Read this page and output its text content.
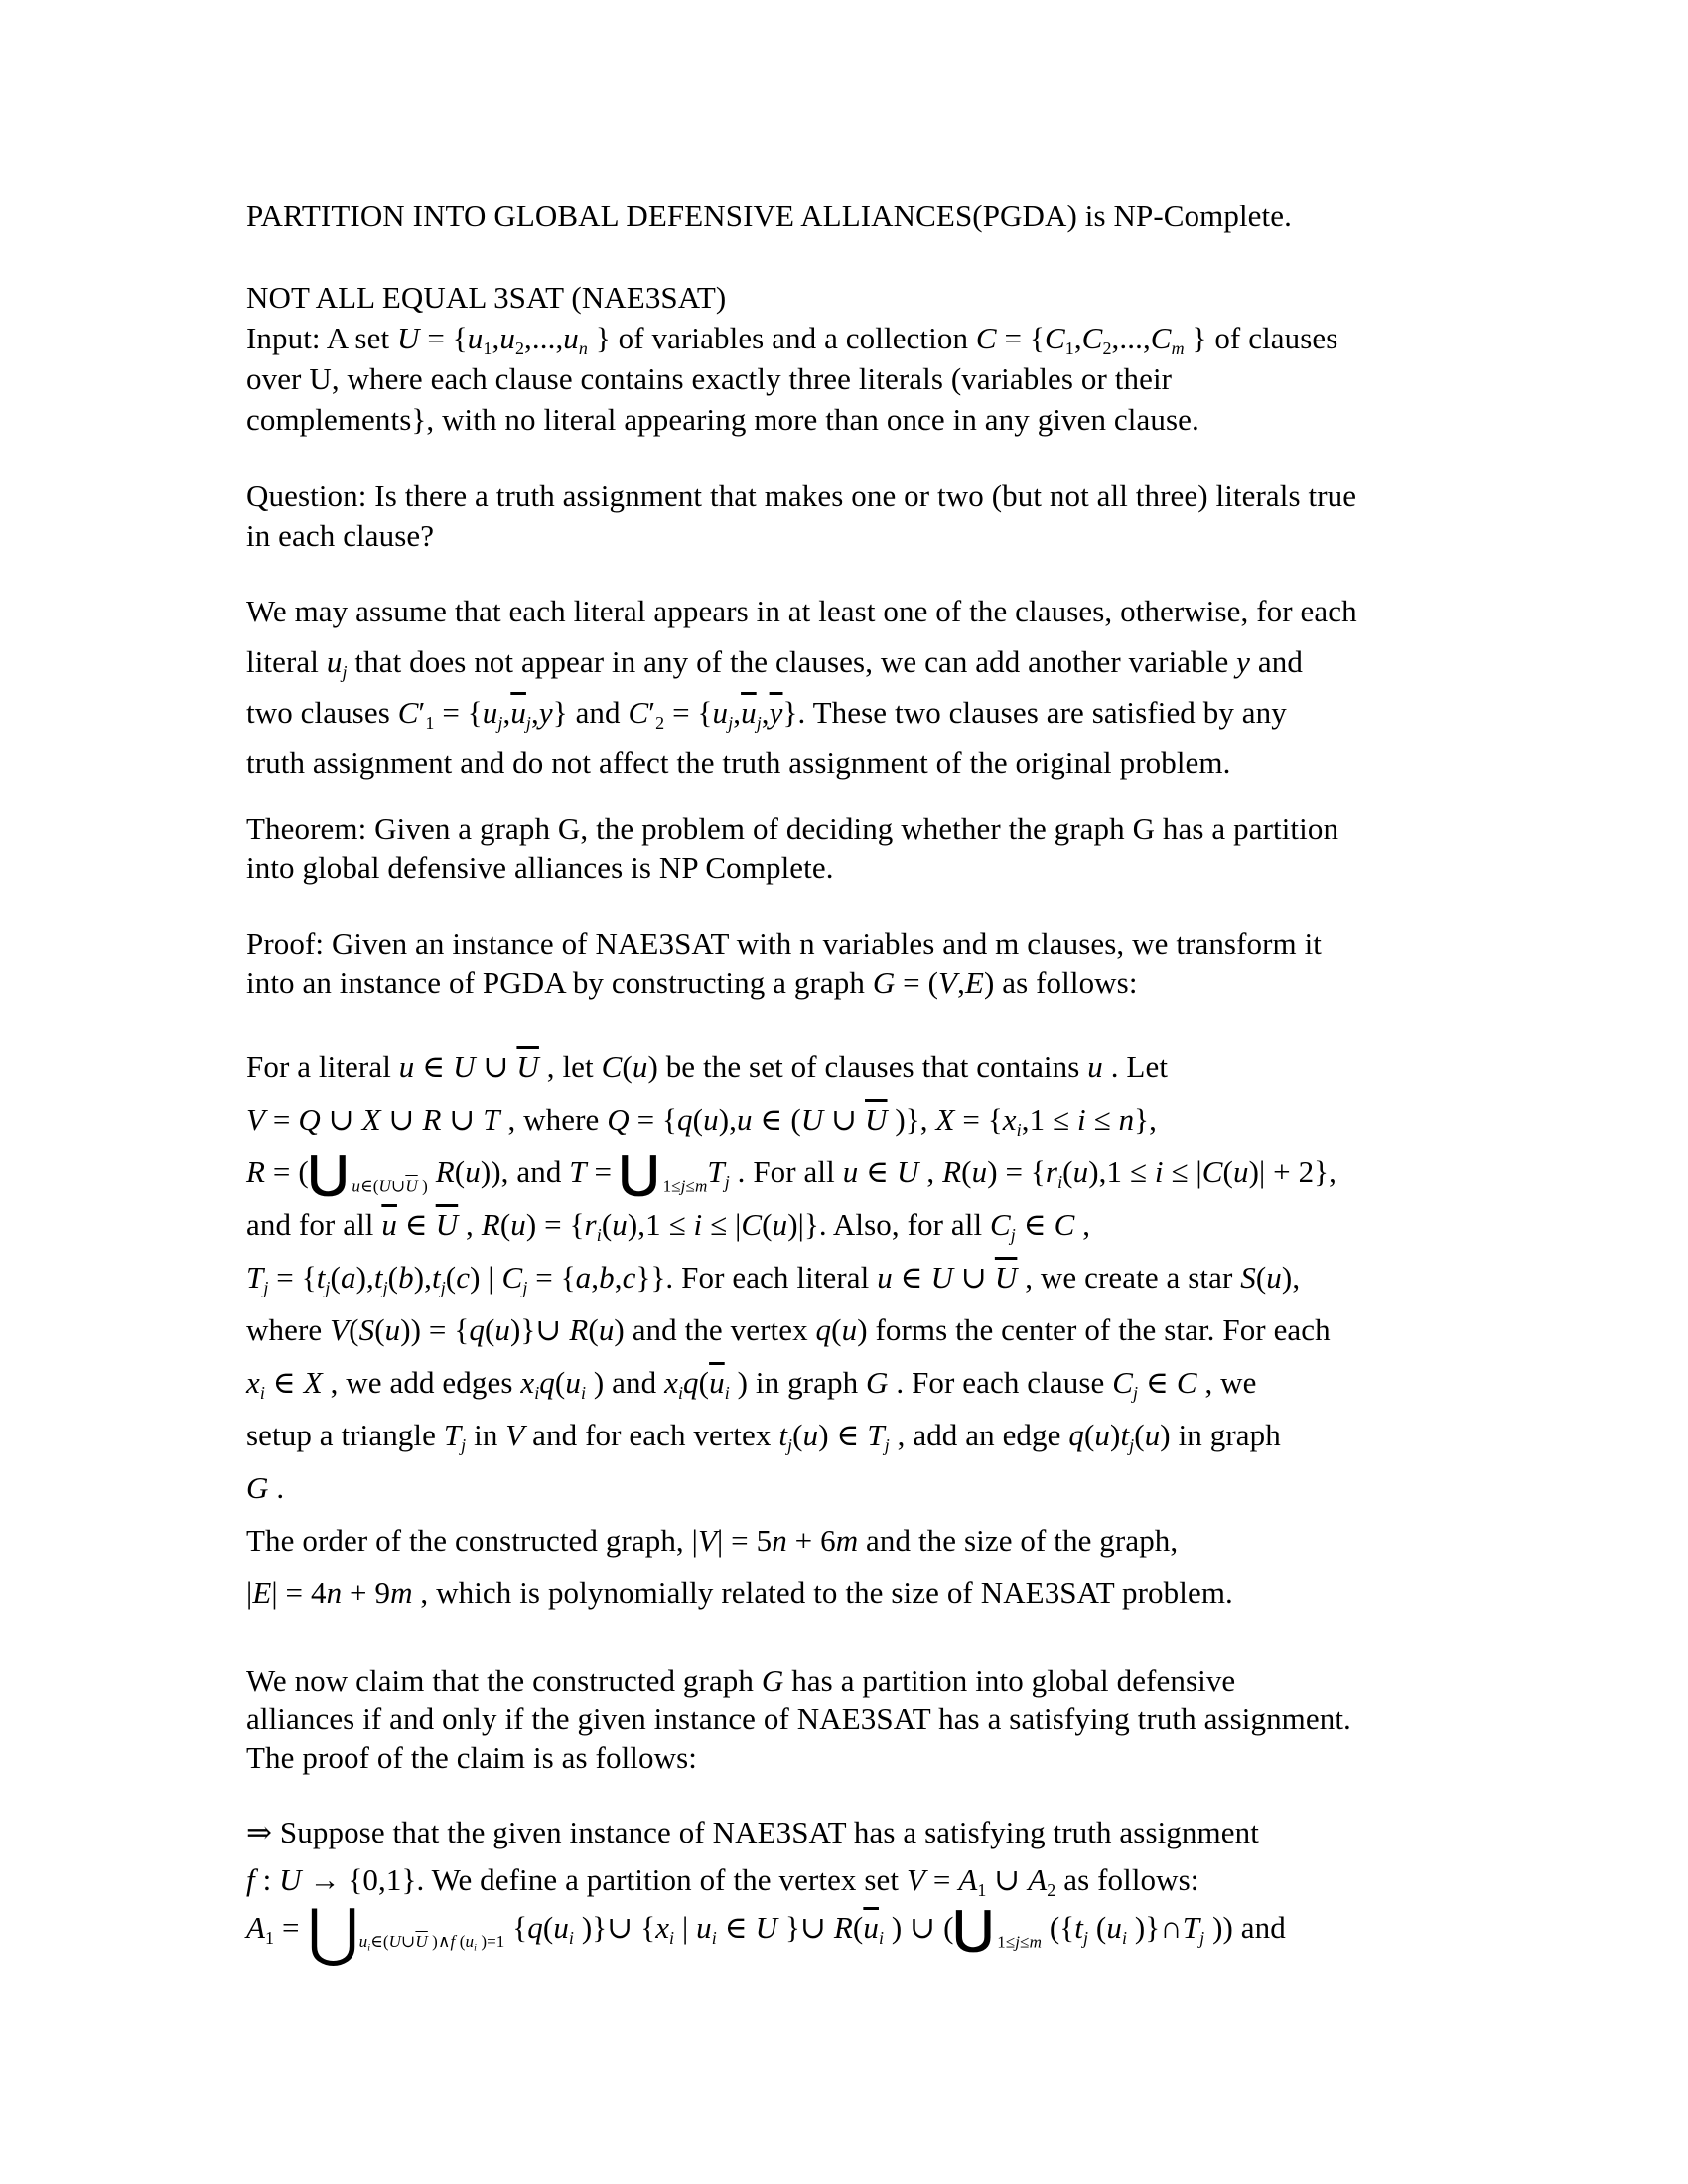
PARTITION INTO GLOBAL DEFENSIVE ALLIANCES(PGDA) is NP-Complete.

NOT ALL EQUAL 3SAT (NAE3SAT)
Input: A set $U = \{u_1,u_2,...,u_n$ } of variables and a collection $C = \{C_1,C_2,...,C_m$ } of clauses
over U, where each clause contains exactly three literals (variables or their
complements}, with no literal appearing more than once in any given clause.

Question: Is there a truth assignment that makes one or two (but not all three) literals true
in each clause?

We may assume that each literal appears in at least one of the clauses, otherwise, for each
literal $u_j$ that does not appear in any of the clauses, we can add another variable y and
two clauses $C'_1 = \{u_j,\overline{u}_j,y\}$ and $C'_2 = \{u_j,\overline{u}_j,\overline{y}\}$. These two clauses are satisfied by any
truth assignment and do not affect the truth assignment of the original problem.

Theorem: Given a graph G, the problem of deciding whether the graph G has a partition
into global defensive alliances is NP Complete.

Proof: Given an instance of NAE3SAT with n variables and m clauses, we transform it
into an instance of PGDA by constructing a graph G = (V,E) as follows:

For a literal u ∈ U ∪ $\overline{U}$ , let C(u) be the set of clauses that contains u . Let
V = Q ∪ X ∪ R ∪ T , where Q = {q(u),u ∈ (U ∪ $\overline{U}$ )}, $X = \{x_i,1 \le i \le n\}$,
R = (⋃ $_{u\in(U\cup\overline{U} )}$ R(u)), and T = ⋃ $_{1\le j\le m}T_j$ . For all u ∈ U , $R(u) = \{r_i(u),1 \le i \le |C(u)| + 2\}$,
and for all $\overline{u}$ ∈ $\overline{U}$ , $R(u) = \{r_i(u),1 \le i \le |C(u)|\}$. Also, for all $C_j$ ∈ C ,
$T_j = \{t_j(a),t_j(b),t_j(c)$ | $C_j = \{a,b,c\}$}. For each literal u ∈ U ∪ $\overline{U}$ , we create a star S(u),
where V(S(u)) = {q(u)}∪ R(u) and the vertex q(u) forms the center of the star. For each
$x_i$ ∈ X , we add edges $x_iq(u_i$ ) and $x_iq(\overline{u}_i$ ) in graph G . For each clause $C_j$ ∈ C , we
setup a triangle $T_j$ in V and for each vertex $t_j(u)$ ∈ $T_j$ , add an edge $q(u)t_j(u)$ in graph
G .
The order of the constructed graph, |V| = 5n + 6m and the size of the graph,
|E| = 4n + 9m , which is polynomially related to the size of NAE3SAT problem.

We now claim that the constructed graph G has a partition into global defensive
alliances if and only if the given instance of NAE3SAT has a satisfying truth assignment.
The proof of the claim is as follows:

⇒ Suppose that the given instance of NAE3SAT has a satisfying truth assignment
f : U → {0,1}. We define a partition of the vertex set $V = A_1$ ∪ $A_2$ as follows:
$A_1$ = $⋃_{u_i\in(U\cup\overline{U} )\wedge f (u_i )=1}$ {$q(u_i$ )}∪ {$x_i$ | $u_i$ ∈ U }∪ $R(\overline{u}_i$ ) ∪ (⋃ $_{1\le j\le m}$ ({$t_j$ ($u_i$ )}$\cap T_j$ )) and
